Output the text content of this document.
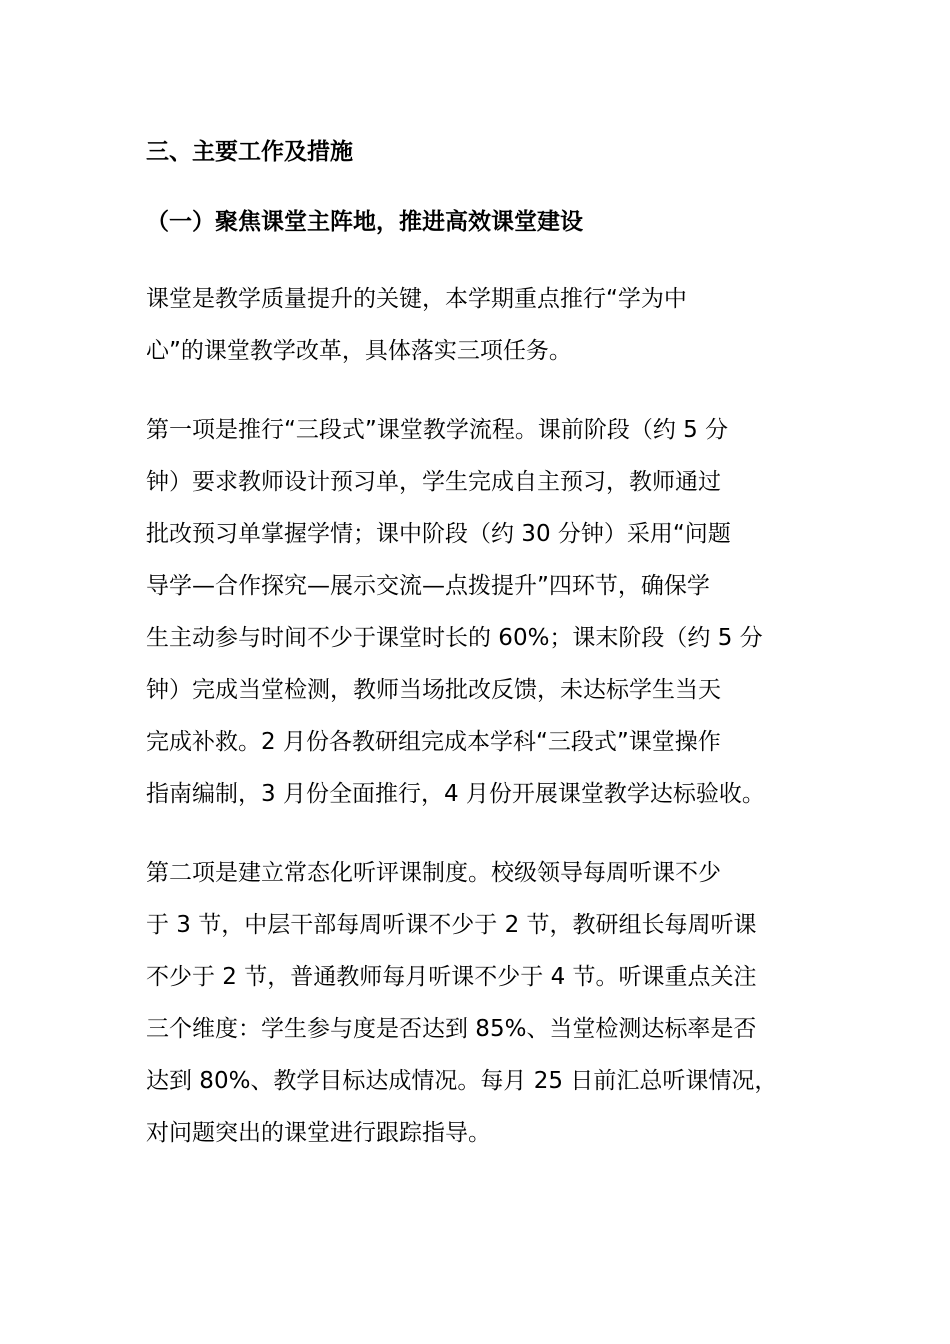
三、主要工作及措施
（一）聚焦课堂主阵地，推进高效课堂建设
课堂是教学质量提升的关键，本学期重点推行“学为中
心”的课堂教学改革，具体落实三项任务。
第一项是推行“三段式”课堂教学流程。课前阶段（约 5 分
钟）要求教师设计预习单，学生完成自主预习，教师通过
批改预习单掌握学情；课中阶段（约 30 分钟）采用“问题
导学—合作探究—展示交流—点拨提升”四环节，确保学
生主动参与时间不少于课堂时长的 60%；课末阶段（约 5 分
钟）完成当堂检测，教师当场批改反馈，未达标学生当天
完成补救。2 月份各教研组完成本学科“三段式”课堂操作
指南编制，3 月份全面推行，4 月份开展课堂教学达标验收。
第二项是建立常态化听评课制度。校级领导每周听课不少
于 3 节，中层干部每周听课不少于 2 节，教研组长每周听课
不少于 2 节，普通教师每月听课不少于 4 节。听课重点关注
三个维度：学生参与度是否达到 85%、当堂检测达标率是否
达到 80%、教学目标达成情况。每月 25 日前汇总听课情况，
对问题突出的课堂进行跟踪指导。
